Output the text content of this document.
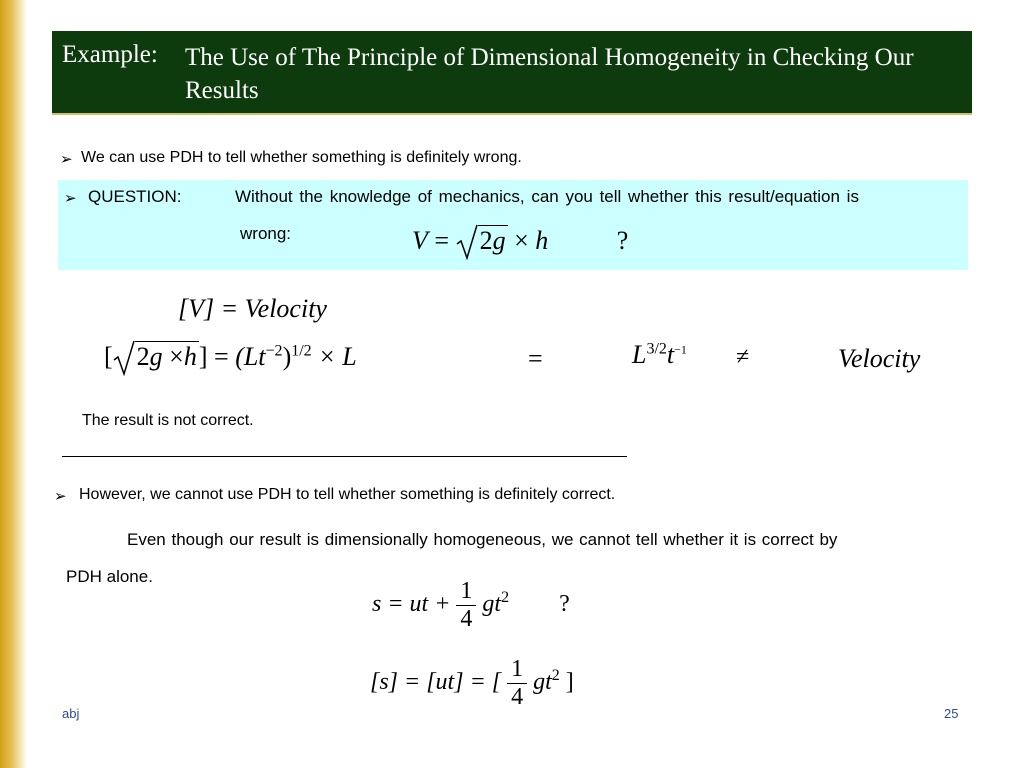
Example: The Use of The Principle of Dimensional Homogeneity in Checking Our Results
➢ We can use PDH to tell whether something is definitely wrong.
➢ QUESTION:	Without the knowledge of mechanics, can you tell whether this result/equation is
wrong:	V = 2g × h	?
[V] = Velocity
[ $2g \times h] = (Lt^{-2})^{1/2} \times L$	=	$L^{3/2}t^{-1}$ ≠	Velocity
The result is not correct.
➢ However, we cannot use PDH to tell whether something is definitely correct.
Even though our result is dimensionally homogeneous, we cannot tell whether it is correct by
PDH alone.
s = ut + $\frac{1}{4} gt^2$ ?
[s] = [ut] = [ $\frac{1}{4} gt^2$ ]
abj	25
